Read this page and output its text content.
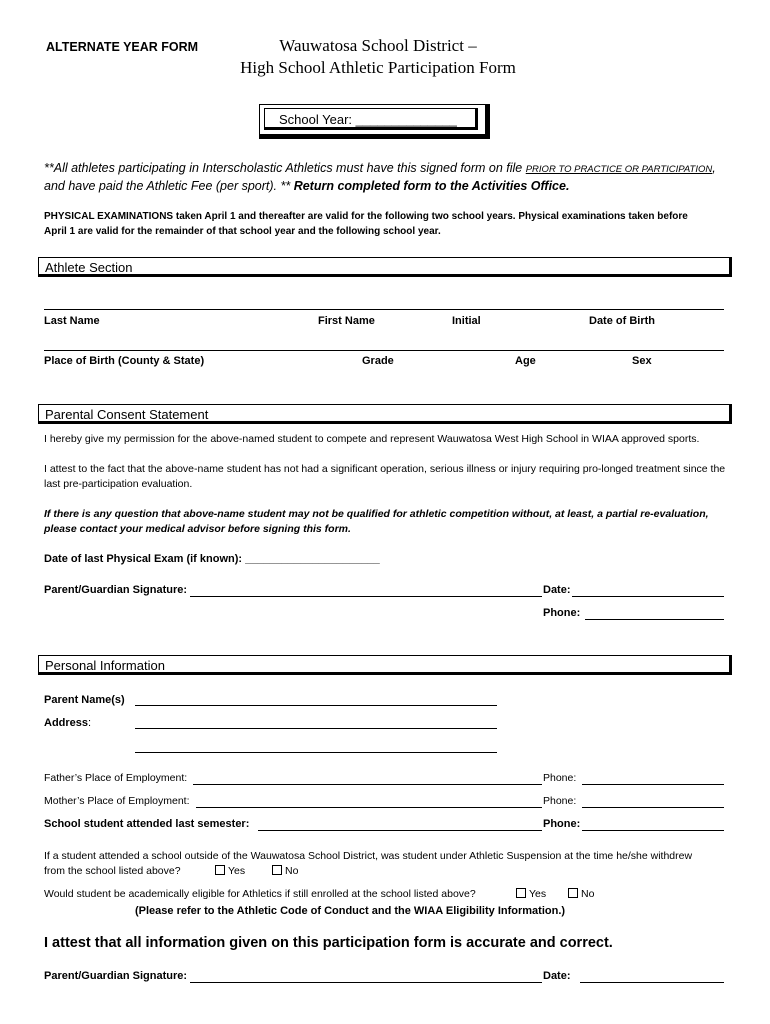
ALTERNATE YEAR FORM	Wauwatosa School District –
High School Athletic Participation Form
School Year: ______________
**All athletes participating in Interscholastic Athletics must have this signed form on file PRIOR TO PRACTICE OR PARTICIPATION,
and have paid the Athletic Fee (per sport). ** Return completed form to the Activities Office.
PHYSICAL EXAMINATIONS taken April 1 and thereafter are valid for the following two school years. Physical examinations taken before
April 1 are valid for the remainder of that school year and the following school year.
Athlete Section
Last Name	First Name	Initial	Date of Birth
Place of Birth (County & State)	Grade	Age	Sex
Parental Consent Statement
I hereby give my permission for the above-named student to compete and represent Wauwatosa West High School in WIAA approved sports.
I attest to the fact that the above-name student has not had a significant operation, serious illness or injury requiring pro-longed treatment since the
last pre-participation evaluation.
If there is any question that above-name student may not be qualified for athletic competition without, at least, a partial re-evaluation,
please contact your medical advisor before signing this form.
Date of last Physical Exam (if known): ______________________
Parent/Guardian Signature:	Date:
Phone:
Personal Information
Parent Name(s)
Address:
Father’s Place of Employment:	Phone:
Mother’s Place of Employment:	Phone:
School student attended last semester:	Phone:
If a student attended a school outside of the Wauwatosa School District, was student under Athletic Suspension at the time he/she withdrew
from the school listed above?	Yes	No
Would student be academically eligible for Athletics if still enrolled at the school listed above?	Yes	No
(Please refer to the Athletic Code of Conduct and the WIAA Eligibility Information.)
I attest that all information given on this participation form is accurate and correct.
Parent/Guardian Signature:	Date:
